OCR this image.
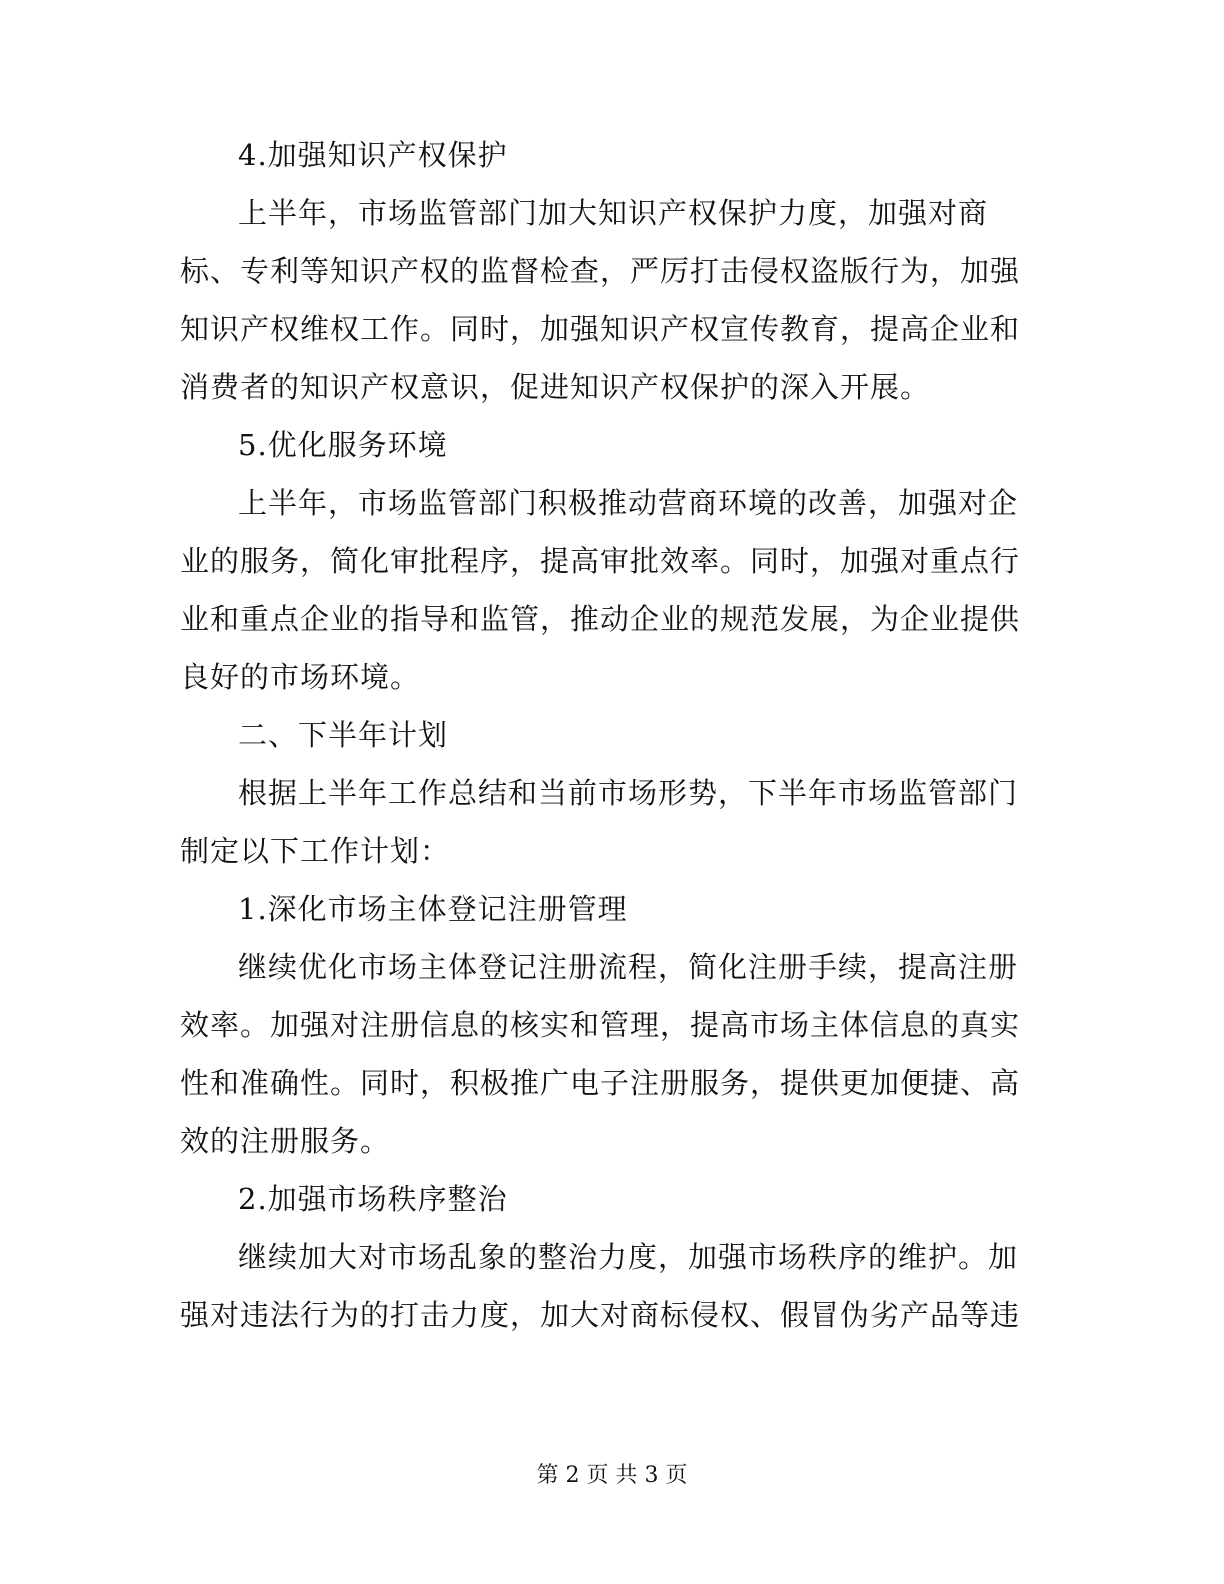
4.加强知识产权保护
上半年，市场监管部门加大知识产权保护力度，加强对商
标、专利等知识产权的监督检查，严厉打击侵权盗版行为，加强
知识产权维权工作。同时，加强知识产权宣传教育，提高企业和
消费者的知识产权意识，促进知识产权保护的深入开展。
5.优化服务环境
上半年，市场监管部门积极推动营商环境的改善，加强对企
业的服务，简化审批程序，提高审批效率。同时，加强对重点行
业和重点企业的指导和监管，推动企业的规范发展，为企业提供
良好的市场环境。
二、下半年计划
根据上半年工作总结和当前市场形势，下半年市场监管部门
制定以下工作计划：
1.深化市场主体登记注册管理
继续优化市场主体登记注册流程，简化注册手续，提高注册
效率。加强对注册信息的核实和管理，提高市场主体信息的真实
性和准确性。同时，积极推广电子注册服务，提供更加便捷、高
效的注册服务。
2.加强市场秩序整治
继续加大对市场乱象的整治力度，加强市场秩序的维护。加
强对违法行为的打击力度，加大对商标侵权、假冒伪劣产品等违
第 2 页 共 3 页
